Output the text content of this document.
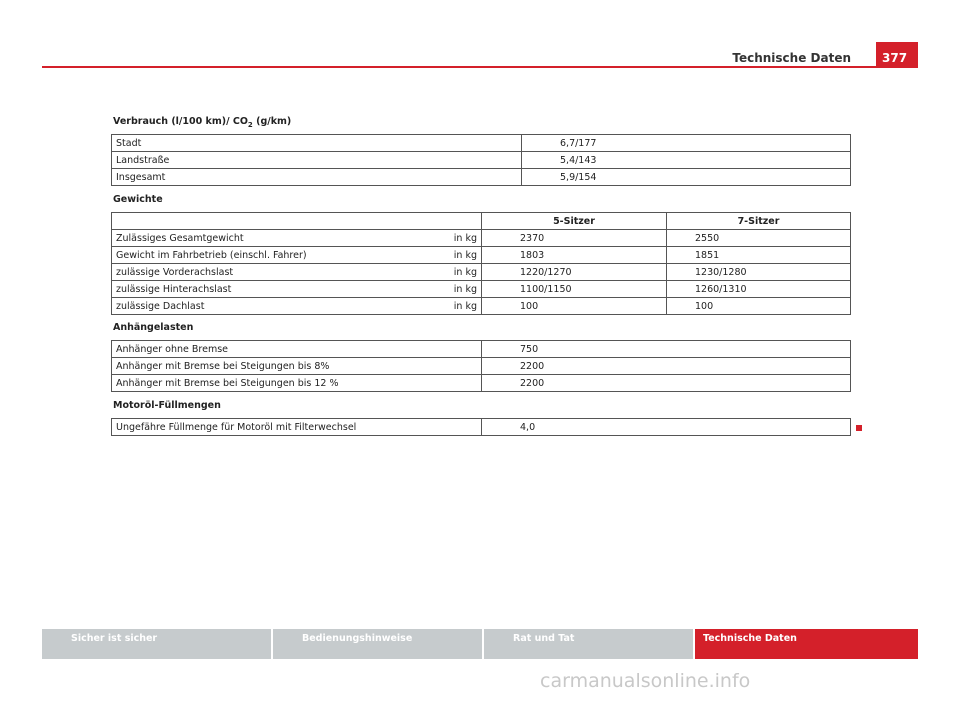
Technische Daten	377
Verbrauch (l/100 km)/ $CO_2$ (g/km)
Stadt	6,7/177
Landstraße	5,4/143
Insgesamt	5,9/154
Gewichte
		5-Sitzer	7-Sitzer
Zulässiges Gesamtgewicht	in kg	2370	2550
Gewicht im Fahrbetrieb (einschl. Fahrer)	in kg	1803	1851
zulässige Vorderachslast	in kg	1220/1270	1230/1280
zulässige Hinterachslast	in kg	1100/1150	1260/1310
zulässige Dachlast	in kg	100	100
Anhängelasten
Anhänger ohne Bremse	750
Anhänger mit Bremse bei Steigungen bis 8%	2200
Anhänger mit Bremse bei Steigungen bis 12 %	2200
Motoröl-Füllmengen
Ungefähre Füllmenge für Motoröl mit Filterwechsel	4,0
Sicher ist sicher	Bedienungshinweise	Rat und Tat	Technische Daten
carmanualsonline.info
